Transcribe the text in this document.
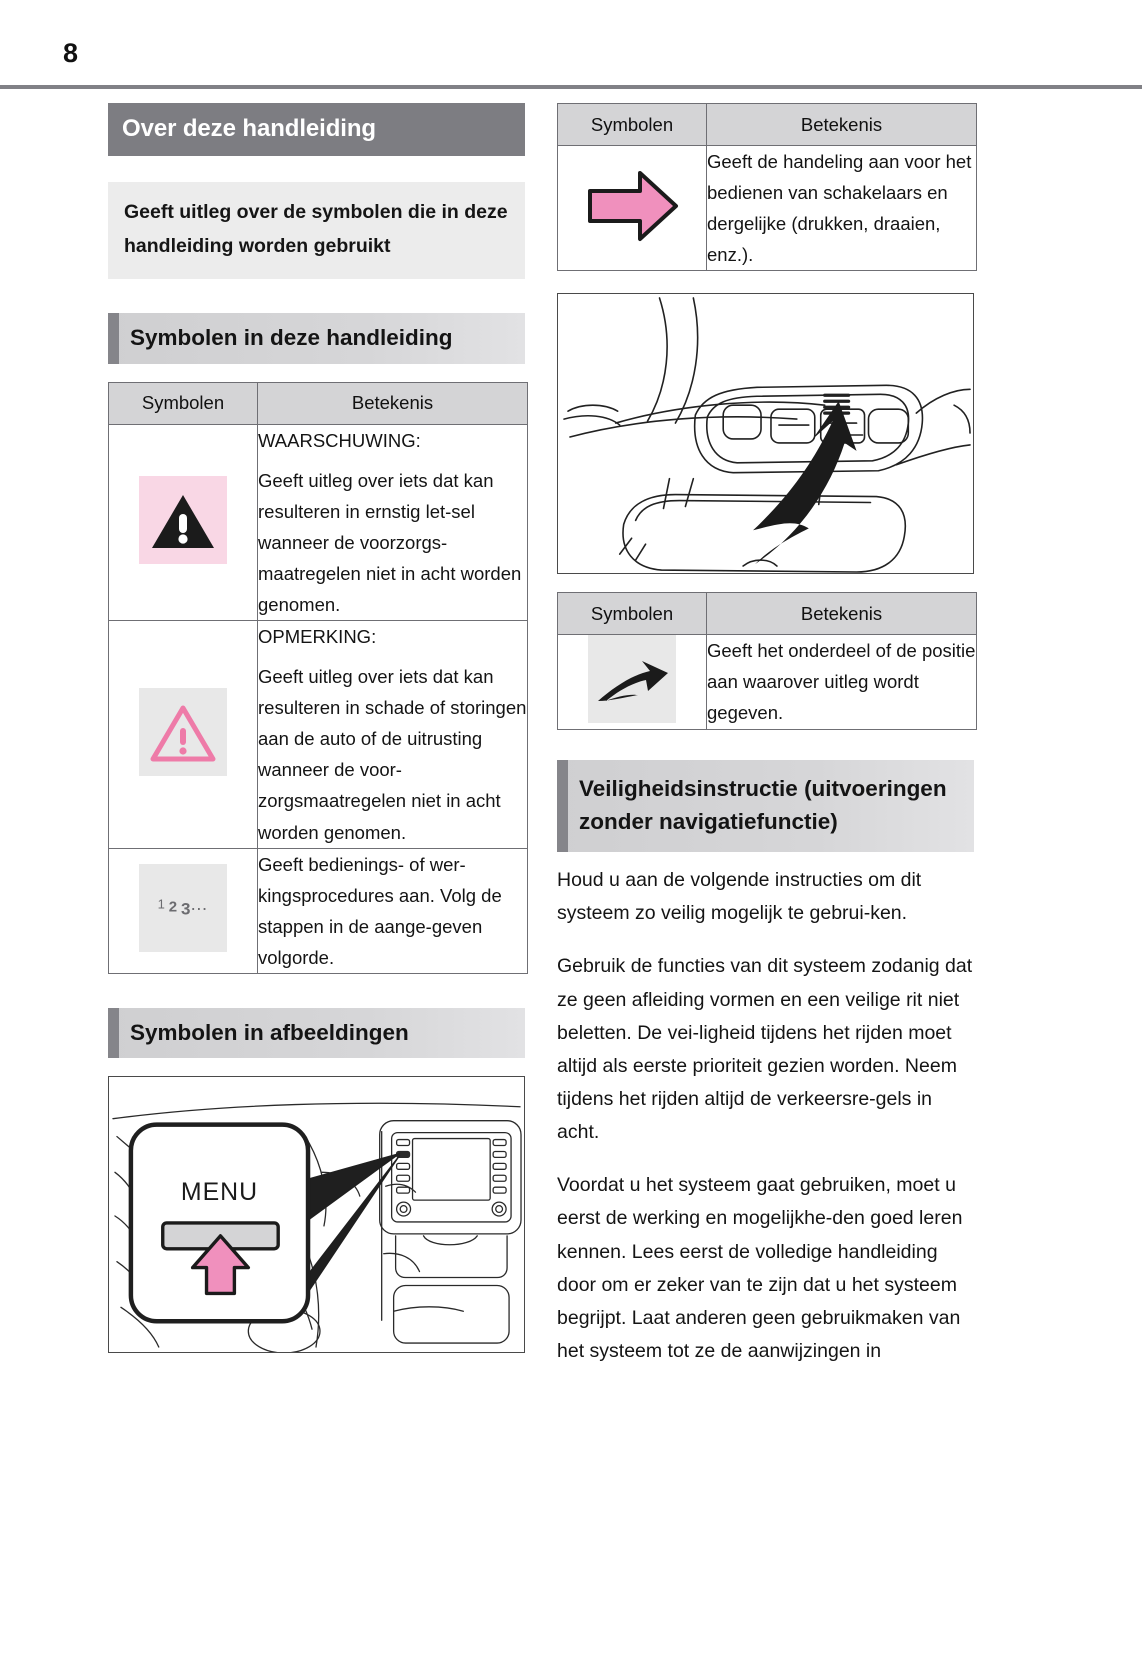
8
Over deze handleiding
Geeft uitleg over de symbolen die in deze handleiding worden gebruikt
Symbolen in deze handleiding
Symbolen	Betekenis

WAARSCHUWING:

Geeft uitleg over iets dat kan resulteren in ernstig let-sel wanneer de voorzorgs-maatregelen niet in acht worden genomen.

OPMERKING:

Geeft uitleg over iets dat kan resulteren in schade of storingen aan de auto of de uitrusting wanneer de voor-zorgsmaatregelen niet in acht worden genomen.

1 2 3⋯	Geeft bedienings- of wer-kingsprocedures aan. Volg de stappen in de aange-geven volgorde.

Symbolen in afbeeldingen
MENU
Symbolen	Betekenis

Geeft de handeling aan voor het bedienen van schakelaars en dergelijke (drukken, draaien, enz.).

Symbolen	Betekenis

Geeft het onderdeel of de positie aan waarover uitleg wordt gegeven.

Veiligheidsinstructie (uitvoeringen zonder navigatiefunctie)

Houd u aan de volgende instructies om dit systeem zo veilig mogelijk te gebrui-ken.

Gebruik de functies van dit systeem zodanig dat ze geen afleiding vormen en een veilige rit niet beletten. De vei-ligheid tijdens het rijden moet altijd als eerste prioriteit gezien worden. Neem tijdens het rijden altijd de verkeersre-gels in acht.

Voordat u het systeem gaat gebruiken, moet u eerst de werking en mogelijkhe-den goed leren kennen. Lees eerst de volledige handleiding door om er zeker van te zijn dat u het systeem begrijpt. Laat anderen geen gebruikmaken van het systeem tot ze de aanwijzingen in
